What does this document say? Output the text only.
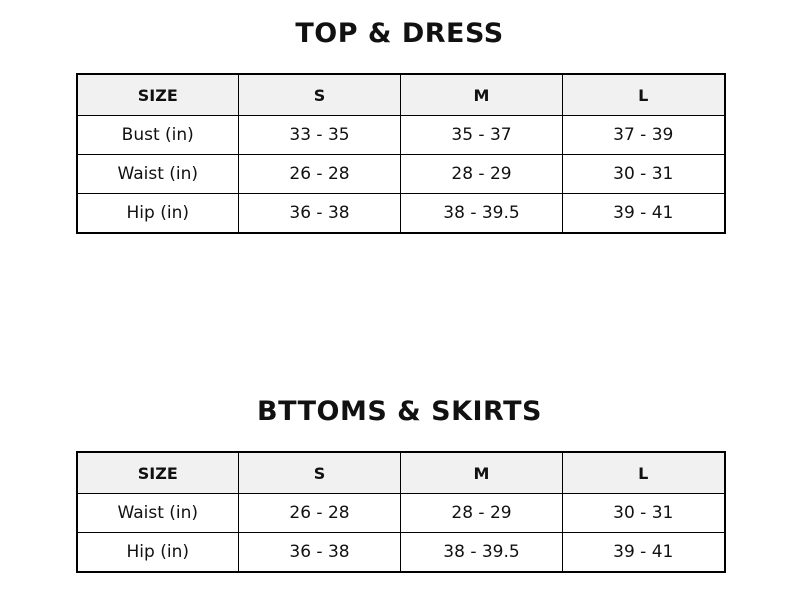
TOP & DRESS
SIZE	S	M	L
Bust (in)	33 - 35	35 - 37	37 - 39
Waist (in)	26 - 28	28 - 29	30 - 31
Hip (in)	36 - 38	38 - 39.5	39 - 41
BTTOMS & SKIRTS
SIZE	S	M	L
Waist (in)	26 - 28	28 - 29	30 - 31
Hip (in)	36 - 38	38 - 39.5	39 - 41
